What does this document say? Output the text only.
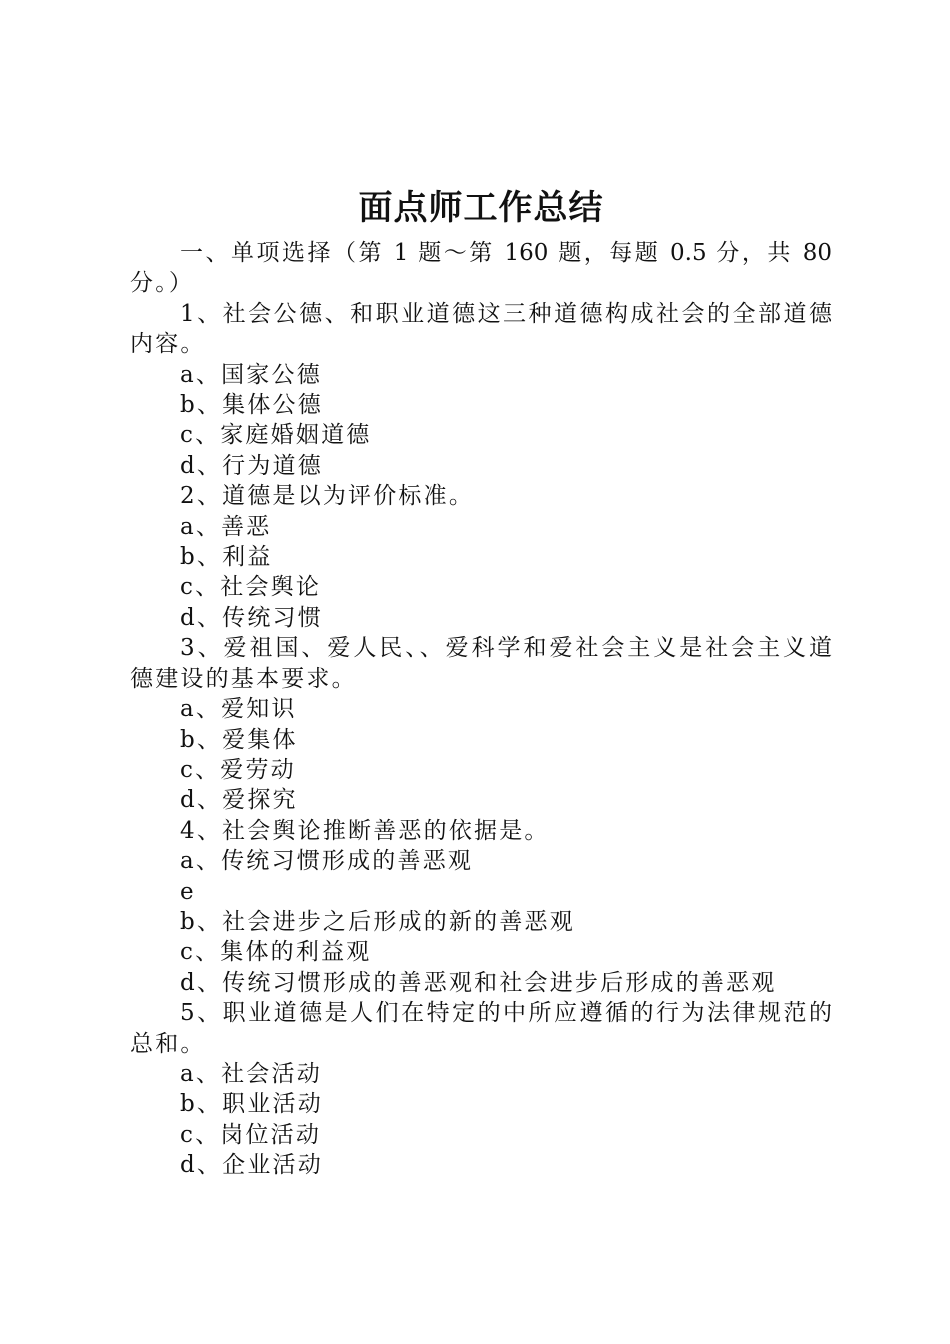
面点师工作总结
一、单项选择（第 1 题～第 160 题，每题 0.5 分，共 80
分。）
1、社会公德、和职业道德这三种道德构成社会的全部道德
内容。
a、国家公德
b、集体公德
c、家庭婚姻道德
d、行为道德
2、道德是以为评价标准。
a、善恶
b、利益
c、社会舆论
d、传统习惯
3、爱祖国、爱人民、、爱科学和爱社会主义是社会主义道
德建设的基本要求。
a、爱知识
b、爱集体
c、爱劳动
d、爱探究
4、社会舆论推断善恶的依据是。
a、传统习惯形成的善恶观
e
b、社会进步之后形成的新的善恶观
c、集体的利益观
d、传统习惯形成的善恶观和社会进步后形成的善恶观
5、职业道德是人们在特定的中所应遵循的行为法律规范的
总和。
a、社会活动
b、职业活动
c、岗位活动
d、企业活动
